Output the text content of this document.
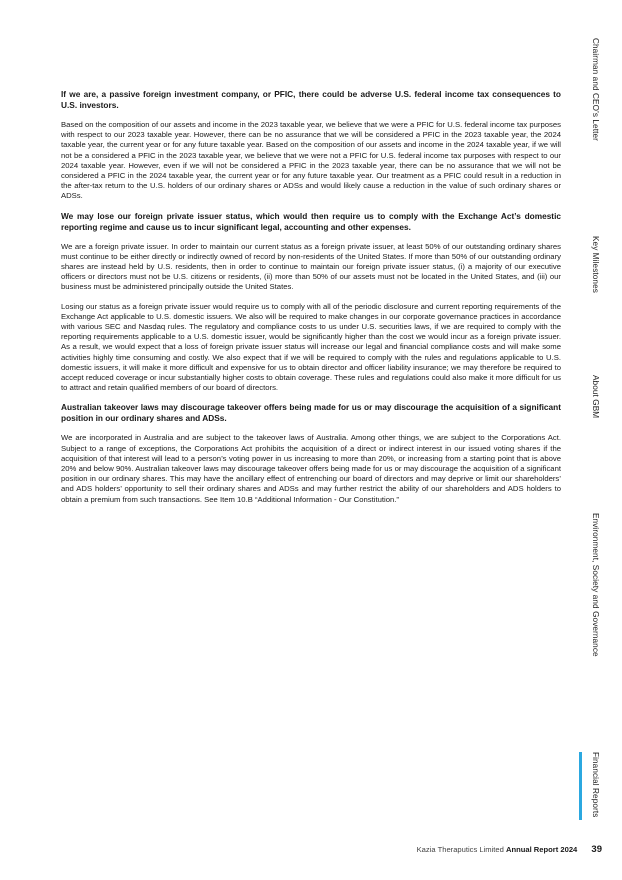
If we are, a passive foreign investment company, or PFIC, there could be adverse U.S. federal income tax consequences to U.S. investors.

Based on the composition of our assets and income in the 2023 taxable year, we believe that we were a PFIC for U.S. federal income tax purposes with respect to our 2023 taxable year. However, there can be no assurance that we will be considered a PFIC in the 2023 taxable year, the 2024 taxable year, the current year or for any future taxable year. Based on the composition of our assets and income in the 2024 taxable year, if we will not be a considered a PFIC in the 2023 taxable year, we believe that we were not a PFIC for U.S. federal income tax purposes with respect to our 2024 taxable year. However, even if we will not be considered a PFIC in the 2023 taxable year, there can be no assurance that we will not be considered a PFIC in the 2024 taxable year, the current year or for any future taxable year. Our treatment as a PFIC could result in a reduction in the after-tax return to the U.S. holders of our ordinary shares or ADSs and would likely cause a reduction in the value of such ordinary shares or ADSs.

We may lose our foreign private issuer status, which would then require us to comply with the Exchange Act’s domestic reporting regime and cause us to incur significant legal, accounting and other expenses.

We are a foreign private issuer. In order to maintain our current status as a foreign private issuer, at least 50% of our outstanding ordinary shares must continue to be either directly or indirectly owned of record by non-residents of the United States. If more than 50% of our outstanding ordinary shares are instead held by U.S. residents, then in order to continue to maintain our foreign private issuer status, (i) a majority of our executive officers or directors must not be U.S. citizens or residents, (ii) more than 50% of our assets must not be located in the United States, and (iii) our business must be administered principally outside the United States.

Losing our status as a foreign private issuer would require us to comply with all of the periodic disclosure and current reporting requirements of the Exchange Act applicable to U.S. domestic issuers. We also will be required to make changes in our corporate governance practices in accordance with various SEC and Nasdaq rules. The regulatory and compliance costs to us under U.S. securities laws, if we are required to comply with the reporting requirements applicable to a U.S. domestic issuer, would be significantly higher than the cost we would incur as a foreign private issuer. As a result, we would expect that a loss of foreign private issuer status will increase our legal and financial compliance costs and will make some activities highly time consuming and costly. We also expect that if we will be required to comply with the rules and regulations applicable to U.S. domestic issuers, it will make it more difficult and expensive for us to obtain director and officer liability insurance; we may therefore be required to accept reduced coverage or incur substantially higher costs to obtain coverage. These rules and regulations could also make it more difficult for us to attract and retain qualified members of our board of directors.

Australian takeover laws may discourage takeover offers being made for us or may discourage the acquisition of a significant position in our ordinary shares and ADSs.

We are incorporated in Australia and are subject to the takeover laws of Australia. Among other things, we are subject to the Corporations Act. Subject to a range of exceptions, the Corporations Act prohibits the acquisition of a direct or indirect interest in our issued voting shares if the acquisition of that interest will lead to a person’s voting power in us increasing to more than 20%, or increasing from a starting point that is above 20% and below 90%. Australian takeover laws may discourage takeover offers being made for us or may discourage the acquisition of a significant position in our ordinary shares. This may have the ancillary effect of entrenching our board of directors and may deprive or limit our shareholders’ and ADS holders’ opportunity to sell their ordinary shares and ADSs and may further restrict the ability of our shareholders and ADS holders to obtain a premium from such transactions. See Item 10.B “Additional Information - Our Constitution.”

Chairman and CEO’s Letter
Key Milestones
About GBM
Environment, Society and Governance
Financial Reports
Kazia Theraputics Limited Annual Report 2024 39
